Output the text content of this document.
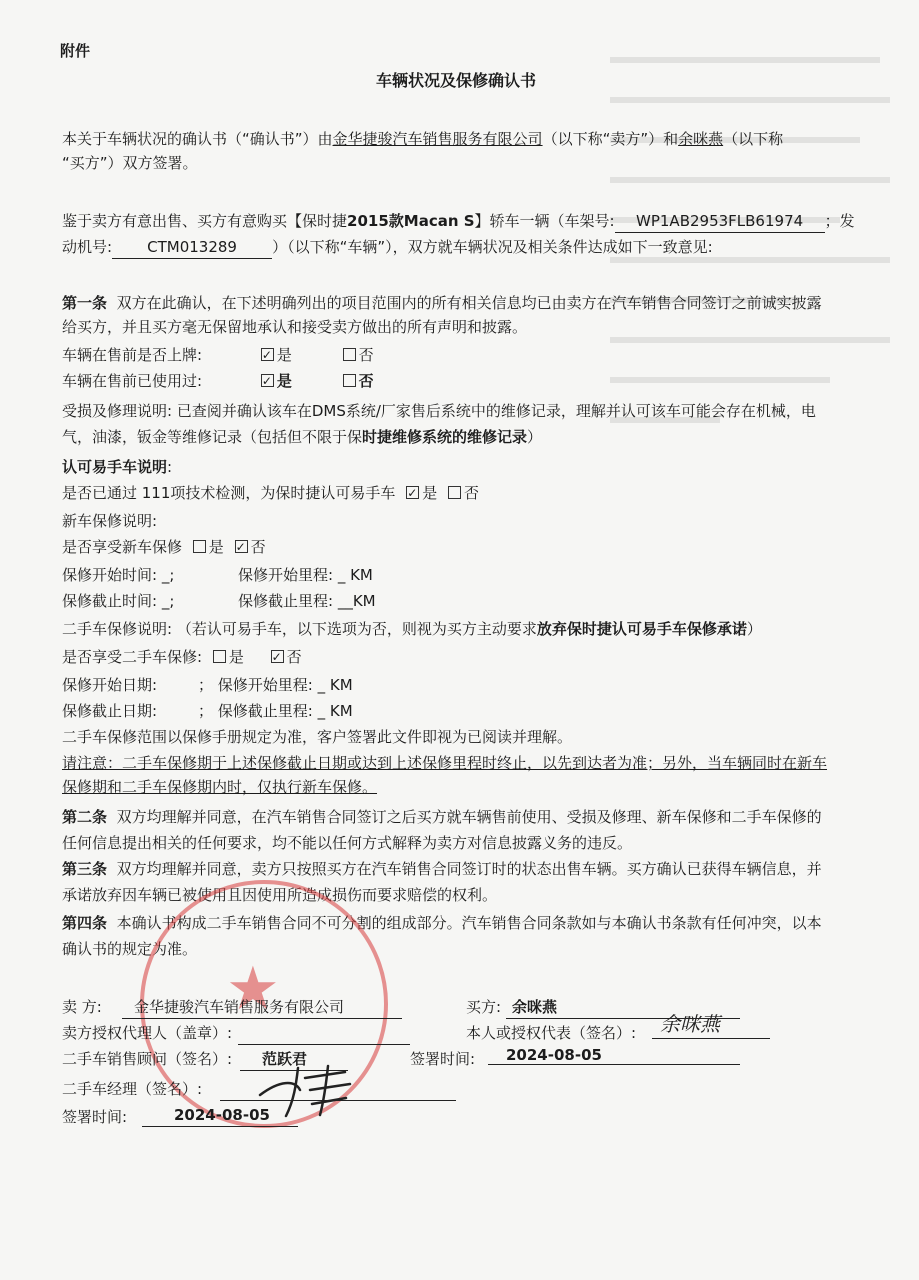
附件
车辆状况及保修确认书
本关于车辆状况的确认书（“确认书”）由金华捷骏汽车销售服务有限公司（以下称“卖方”）和余咪燕（以下称
“买方”）双方签署。
鉴于卖方有意出售、买方有意购买【保时捷2015款Macan S】轿车一辆（车架号: WP1AB2953FLB61974 ；发
动机号: CTM013289 ）（以下称“车辆”），双方就车辆状况及相关条件达成如下一致意见:
第一条 双方在此确认，在下述明确列出的项目范围内的所有相关信息均已由卖方在汽车销售合同签订之前诚实披露
给买方，并且买方毫无保留地承认和接受卖方做出的所有声明和披露。
车辆在售前是否上牌: ✓	是	否
车辆在售前已使用过: ✓	是	否
受损及修理说明: 已查阅并确认该车在DMS系统/厂家售后系统中的维修记录，理解并认可该车可能会存在机械，电
气，油漆，钣金等维修记录（包括但不限于保时捷维修系统的维修记录）
认可易手车说明:
是否已通过 111项技术检测，为保时捷认可易手车 ✓ 是 否
新车保修说明:
是否享受新车保修 是 ✓ 否
保修开始时间: _;	保修开始里程: _ KM
保修截止时间: _;	保修截止里程: __KM
二手车保修说明: （若认可易手车，以下选项为否，则视为买方主动要求放弃保时捷认可易手车保修承诺）
是否享受二手车保修: 是 ✓	否
保修开始日期:	； 保修开始里程: _ KM
保修截止日期:	； 保修截止里程: _ KM
二手车保修范围以保修手册规定为准，客户签署此文件即视为已阅读并理解。
请注意：二手车保修期于上述保修截止日期或达到上述保修里程时终止，以先到达者为准；另外，当车辆同时在新车
保修期和二手车保修期内时，仅执行新车保修。
第二条 双方均理解并同意，在汽车销售合同签订之后买方就车辆售前使用、受损及修理、新车保修和二手车保修的
任何信息提出相关的任何要求，均不能以任何方式解释为卖方对信息披露义务的违反。
第三条 双方均理解并同意，卖方只按照买方在汽车销售合同签订时的状态出售车辆。买方确认已获得车辆信息，并
承诺放弃因车辆已被使用且因使用所造成损伤而要求赔偿的权利。
第四条 本确认书构成二手车销售合同不可分割的组成部分。汽车销售合同条款如与本确认书条款有任何冲突，以本
确认书的规定为准。
★
卖 方: 金华捷骏汽车销售服务有限公司
卖方授权代理人（盖章）:
二手车销售顾问（签名）: 范跃君
二手车经理（签名）:
签署时间:	2024-08-05
买方: 余咪燕
本人或授权代表（签名）: 余咪燕
签署时间: 2024-08-05
